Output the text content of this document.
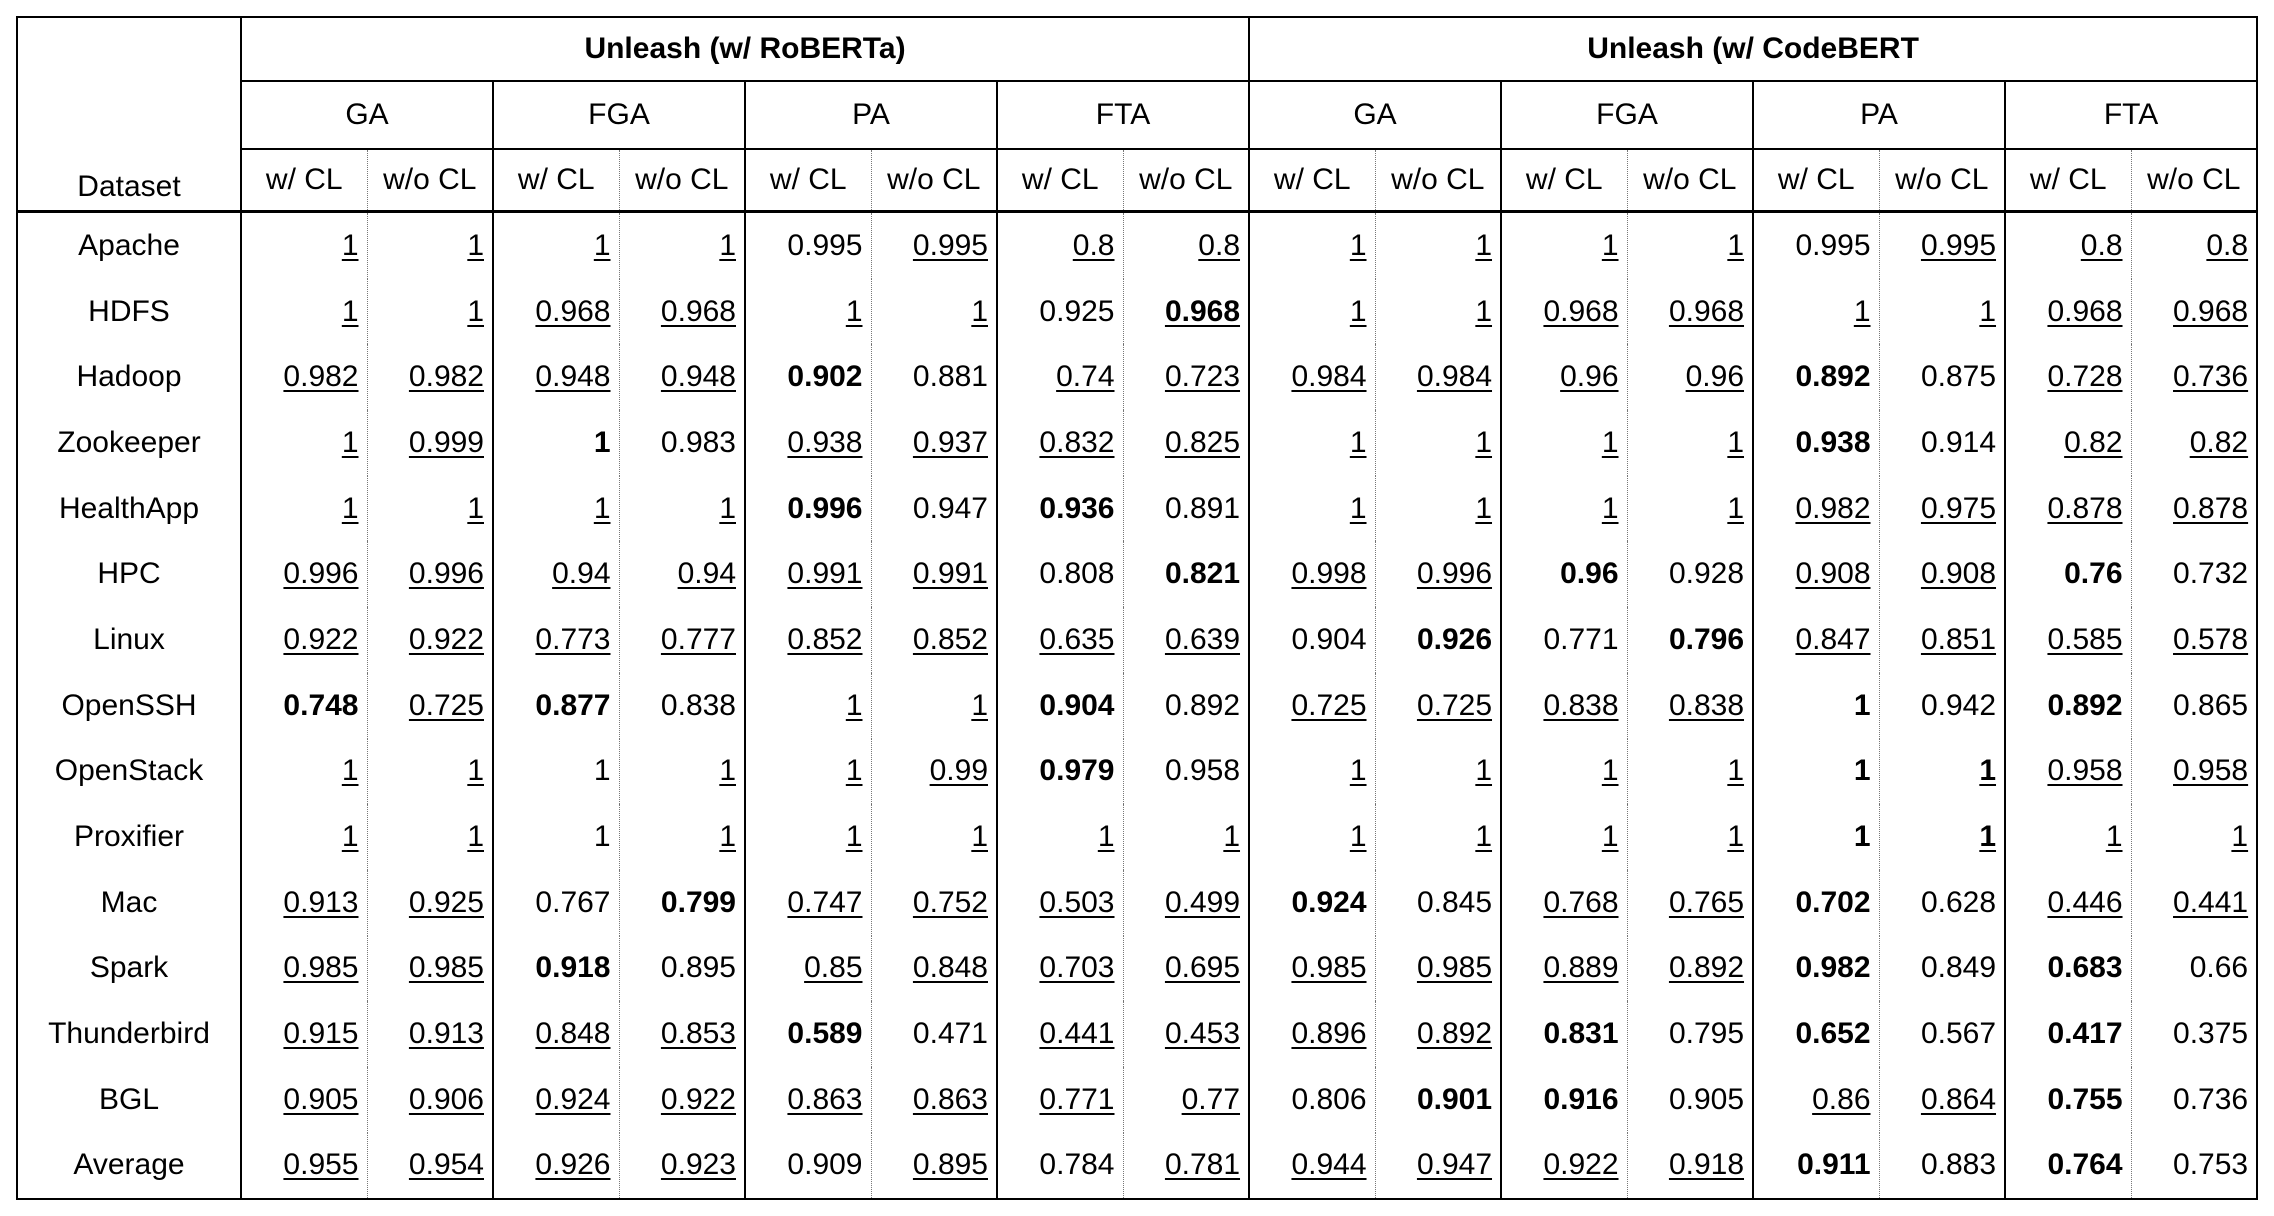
Dataset	Unleash (w/ RoBERTa)								Unleash (w/ CodeBERT							
	GA		FGA		PA		FTA		GA		FGA		PA		FTA	
	w/ CL	w/o CL	w/ CL	w/o CL	w/ CL	w/o CL	w/ CL	w/o CL	w/ CL	w/o CL	w/ CL	w/o CL	w/ CL	w/o CL	w/ CL	w/o CL
Apache	1	1	1	1	0.995	0.995	0.8	0.8	1	1	1	1	0.995	0.995	0.8	0.8
HDFS	1	1	0.968	0.968	1	1	0.925	0.968	1	1	0.968	0.968	1	1	0.968	0.968
Hadoop	0.982	0.982	0.948	0.948	0.902	0.881	0.74	0.723	0.984	0.984	0.96	0.96	0.892	0.875	0.728	0.736
Zookeeper	1	0.999	1	0.983	0.938	0.937	0.832	0.825	1	1	1	1	0.938	0.914	0.82	0.82
HealthApp	1	1	1	1	0.996	0.947	0.936	0.891	1	1	1	1	0.982	0.975	0.878	0.878
HPC	0.996	0.996	0.94	0.94	0.991	0.991	0.808	0.821	0.998	0.996	0.96	0.928	0.908	0.908	0.76	0.732
Linux	0.922	0.922	0.773	0.777	0.852	0.852	0.635	0.639	0.904	0.926	0.771	0.796	0.847	0.851	0.585	0.578
OpenSSH	0.748	0.725	0.877	0.838	1	1	0.904	0.892	0.725	0.725	0.838	0.838	1	0.942	0.892	0.865
OpenStack	1	1	1	1	1	0.99	0.979	0.958	1	1	1	1	1	1	0.958	0.958
Proxifier	1	1	1	1	1	1	1	1	1	1	1	1	1	1	1	1
Mac	0.913	0.925	0.767	0.799	0.747	0.752	0.503	0.499	0.924	0.845	0.768	0.765	0.702	0.628	0.446	0.441
Spark	0.985	0.985	0.918	0.895	0.85	0.848	0.703	0.695	0.985	0.985	0.889	0.892	0.982	0.849	0.683	0.66
Thunderbird	0.915	0.913	0.848	0.853	0.589	0.471	0.441	0.453	0.896	0.892	0.831	0.795	0.652	0.567	0.417	0.375
BGL	0.905	0.906	0.924	0.922	0.863	0.863	0.771	0.77	0.806	0.901	0.916	0.905	0.86	0.864	0.755	0.736
Average	0.955	0.954	0.926	0.923	0.909	0.895	0.784	0.781	0.944	0.947	0.922	0.918	0.911	0.883	0.764	0.753
